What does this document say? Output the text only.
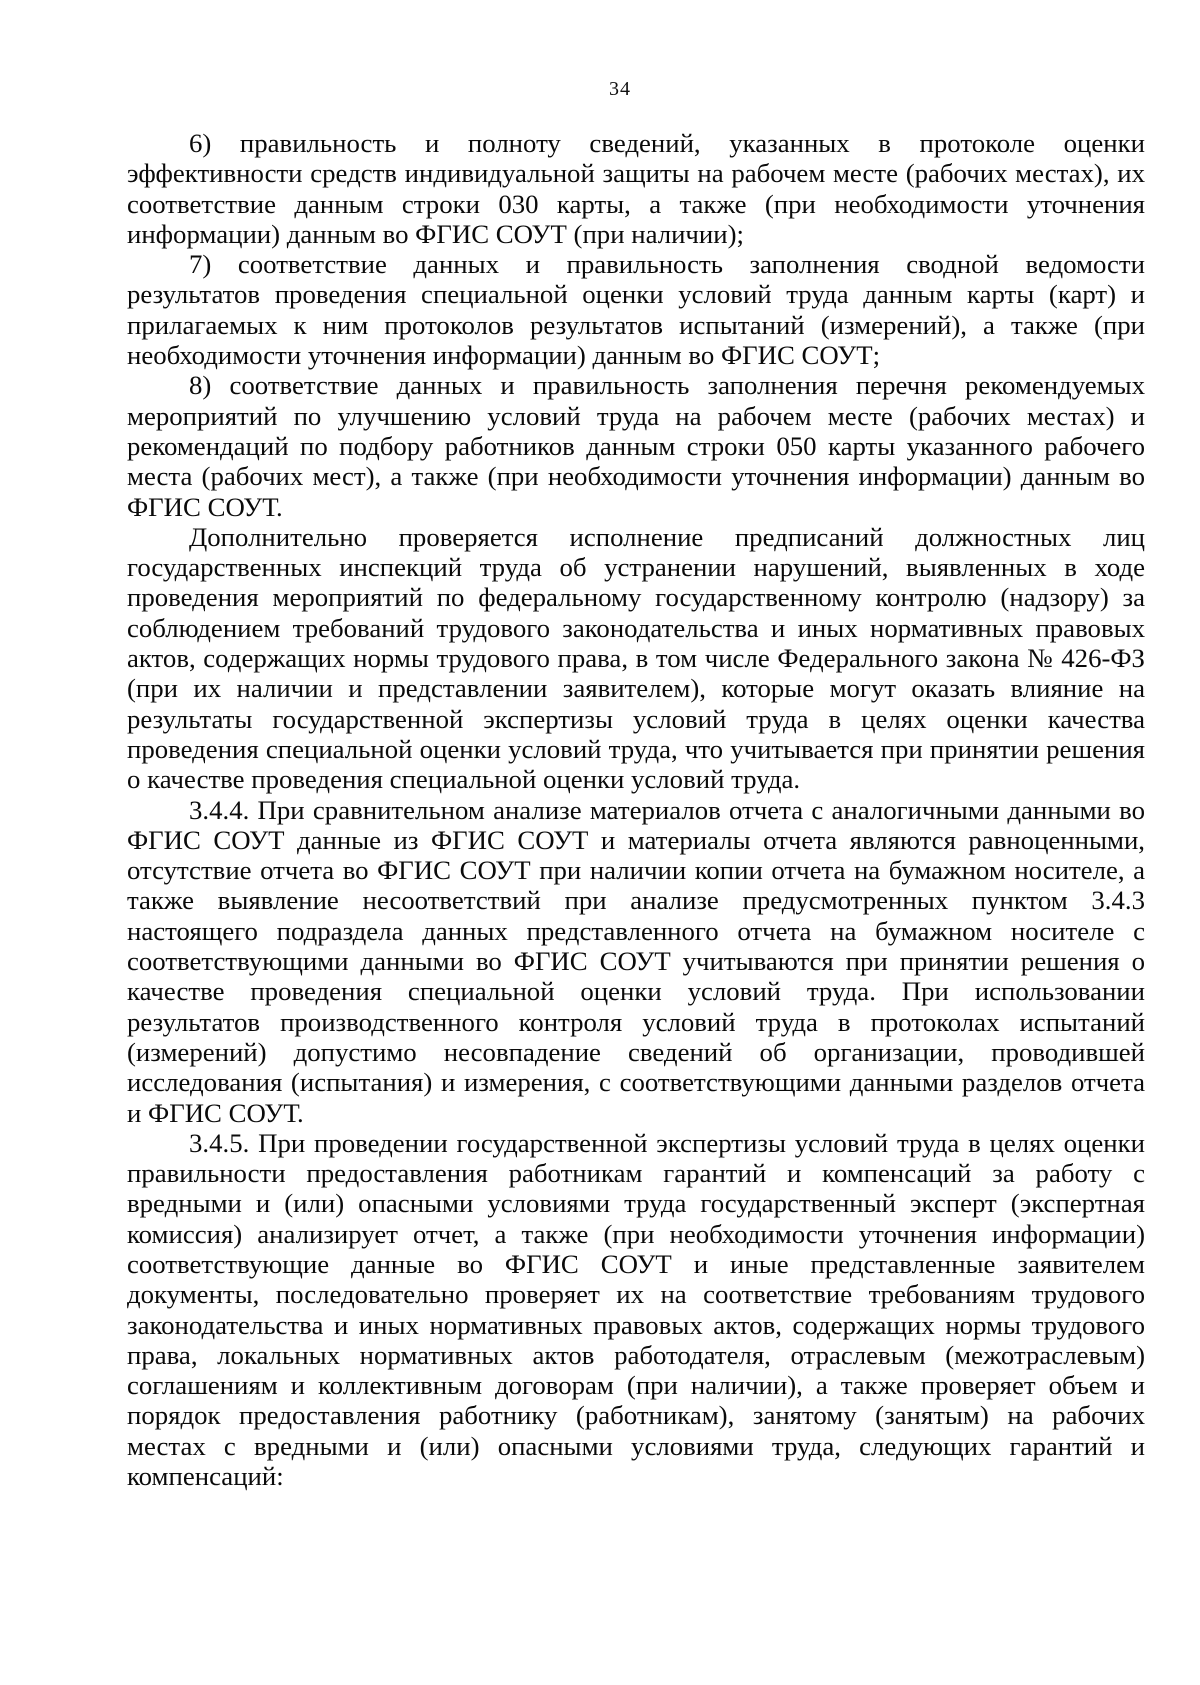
34

6) правильность и полноту сведений, указанных в протоколе оценки эффективности средств индивидуальной защиты на рабочем месте (рабочих местах), их соответствие данным строки 030 карты, а также (при необходимости уточнения информации) данным во ФГИС СОУТ (при наличии);

7) соответствие данных и правильность заполнения сводной ведомости результатов проведения специальной оценки условий труда данным карты (карт) и прилагаемых к ним протоколов результатов испытаний (измерений), а также (при необходимости уточнения информации) данным во ФГИС СОУТ;

8) соответствие данных и правильность заполнения перечня рекомендуемых мероприятий по улучшению условий труда на рабочем месте (рабочих местах) и рекомендаций по подбору работников данным строки 050 карты указанного рабочего места (рабочих мест), а также (при необходимости уточнения информации) данным во ФГИС СОУТ.

Дополнительно проверяется исполнение предписаний должностных лиц государственных инспекций труда об устранении нарушений, выявленных в ходе проведения мероприятий по федеральному государственному контролю (надзору) за соблюдением требований трудового законодательства и иных нормативных правовых актов, содержащих нормы трудового права, в том числе Федерального закона № 426-ФЗ (при их наличии и представлении заявителем), которые могут оказать влияние на результаты государственной экспертизы условий труда в целях оценки качества проведения специальной оценки условий труда, что учитывается при принятии решения о качестве проведения специальной оценки условий труда.

3.4.4. При сравнительном анализе материалов отчета с аналогичными данными во ФГИС СОУТ данные из ФГИС СОУТ и материалы отчета являются равноценными, отсутствие отчета во ФГИС СОУТ при наличии копии отчета на бумажном носителе, а также выявление несоответствий при анализе предусмотренных пунктом 3.4.3 настоящего подраздела данных представленного отчета на бумажном носителе с соответствующими данными во ФГИС СОУТ учитываются при принятии решения о качестве проведения специальной оценки условий труда. При использовании результатов производственного контроля условий труда в протоколах испытаний (измерений) допустимо несовпадение сведений об организации, проводившей исследования (испытания) и измерения, с соответствующими данными разделов отчета и ФГИС СОУТ.

3.4.5. При проведении государственной экспертизы условий труда в целях оценки правильности предоставления работникам гарантий и компенсаций за работу с вредными и (или) опасными условиями труда государственный эксперт (экспертная комиссия) анализирует отчет, а также (при необходимости уточнения информации) соответствующие данные во ФГИС СОУТ и иные представленные заявителем документы, последовательно проверяет их на соответствие требованиям трудового законодательства и иных нормативных правовых актов, содержащих нормы трудового права, локальных нормативных актов работодателя, отраслевым (межотраслевым) соглашениям и коллективным договорам (при наличии), а также проверяет объем и порядок предоставления работнику (работникам), занятому (занятым) на рабочих местах с вредными и (или) опасными условиями труда, следующих гарантий и компенсаций:
